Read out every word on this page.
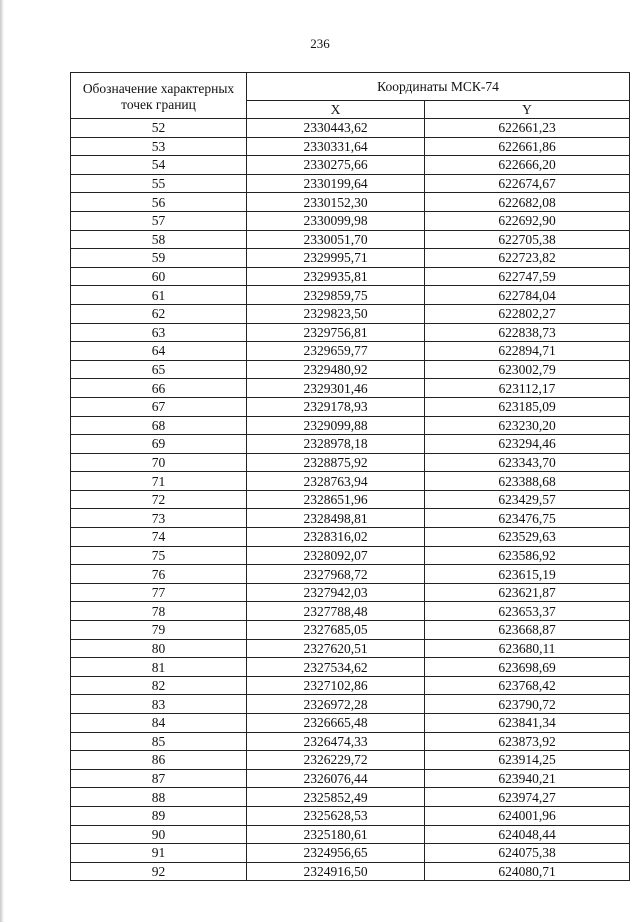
236
Обозначение характерных точек границ	Координаты МСК-74	
	X	Y
52	2330443,62	622661,23
53	2330331,64	622661,86
54	2330275,66	622666,20
55	2330199,64	622674,67
56	2330152,30	622682,08
57	2330099,98	622692,90
58	2330051,70	622705,38
59	2329995,71	622723,82
60	2329935,81	622747,59
61	2329859,75	622784,04
62	2329823,50	622802,27
63	2329756,81	622838,73
64	2329659,77	622894,71
65	2329480,92	623002,79
66	2329301,46	623112,17
67	2329178,93	623185,09
68	2329099,88	623230,20
69	2328978,18	623294,46
70	2328875,92	623343,70
71	2328763,94	623388,68
72	2328651,96	623429,57
73	2328498,81	623476,75
74	2328316,02	623529,63
75	2328092,07	623586,92
76	2327968,72	623615,19
77	2327942,03	623621,87
78	2327788,48	623653,37
79	2327685,05	623668,87
80	2327620,51	623680,11
81	2327534,62	623698,69
82	2327102,86	623768,42
83	2326972,28	623790,72
84	2326665,48	623841,34
85	2326474,33	623873,92
86	2326229,72	623914,25
87	2326076,44	623940,21
88	2325852,49	623974,27
89	2325628,53	624001,96
90	2325180,61	624048,44
91	2324956,65	624075,38
92	2324916,50	624080,71
